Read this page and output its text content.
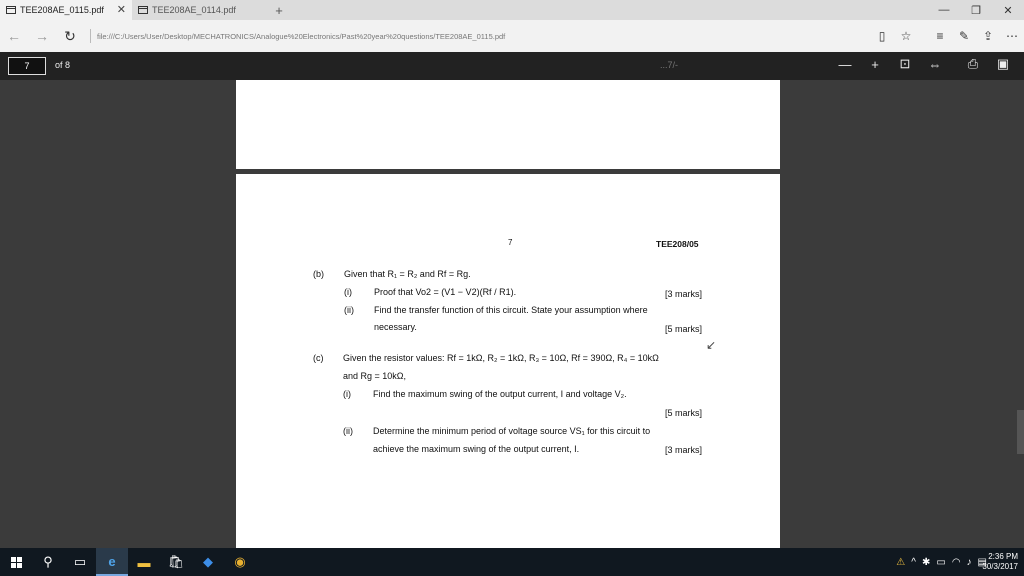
TEE208AE_0115.pdf ✕	TEE208AE_0114.pdf	+	—	❐	✕
←	→	↻	file:///C:/Users/User/Desktop/MECHATRONICS/Analogue%20Electronics/Past%20year%20questions/TEE208AE_0115.pdf	▯	☆	≡	✎	⇪	⋯
7	of 8	—	+	⊡	⇔	⎙	▣
...7/-
7	TEE208/05
(b) Given that R₁ = R₂ and Rf = Rg.
(i) Proof that Vo2 = (V1 − V2)(Rf / R1).	[3 marks]
(ii) Find the transfer function of this circuit. State your assumption where
necessary.	[5 marks]
(c) Given the resistor values: Rf = 1kΩ, R₂ = 1kΩ, R₃ = 10Ω, Rf = 390Ω, R₄ = 10kΩ
↙
and Rg = 10kΩ,
(i) Find the maximum swing of the output current, I and voltage V₂.
[5 marks]
(ii) Determine the minimum period of voltage source VS₁ for this circuit to
achieve the maximum swing of the output current, I.	[3 marks]
⚲	▭	e	▬	🛍	◆	◉	⚠ ^ ✱ ▭ ◠ ♪ ▤ 2:36 PM
30/3/2017
